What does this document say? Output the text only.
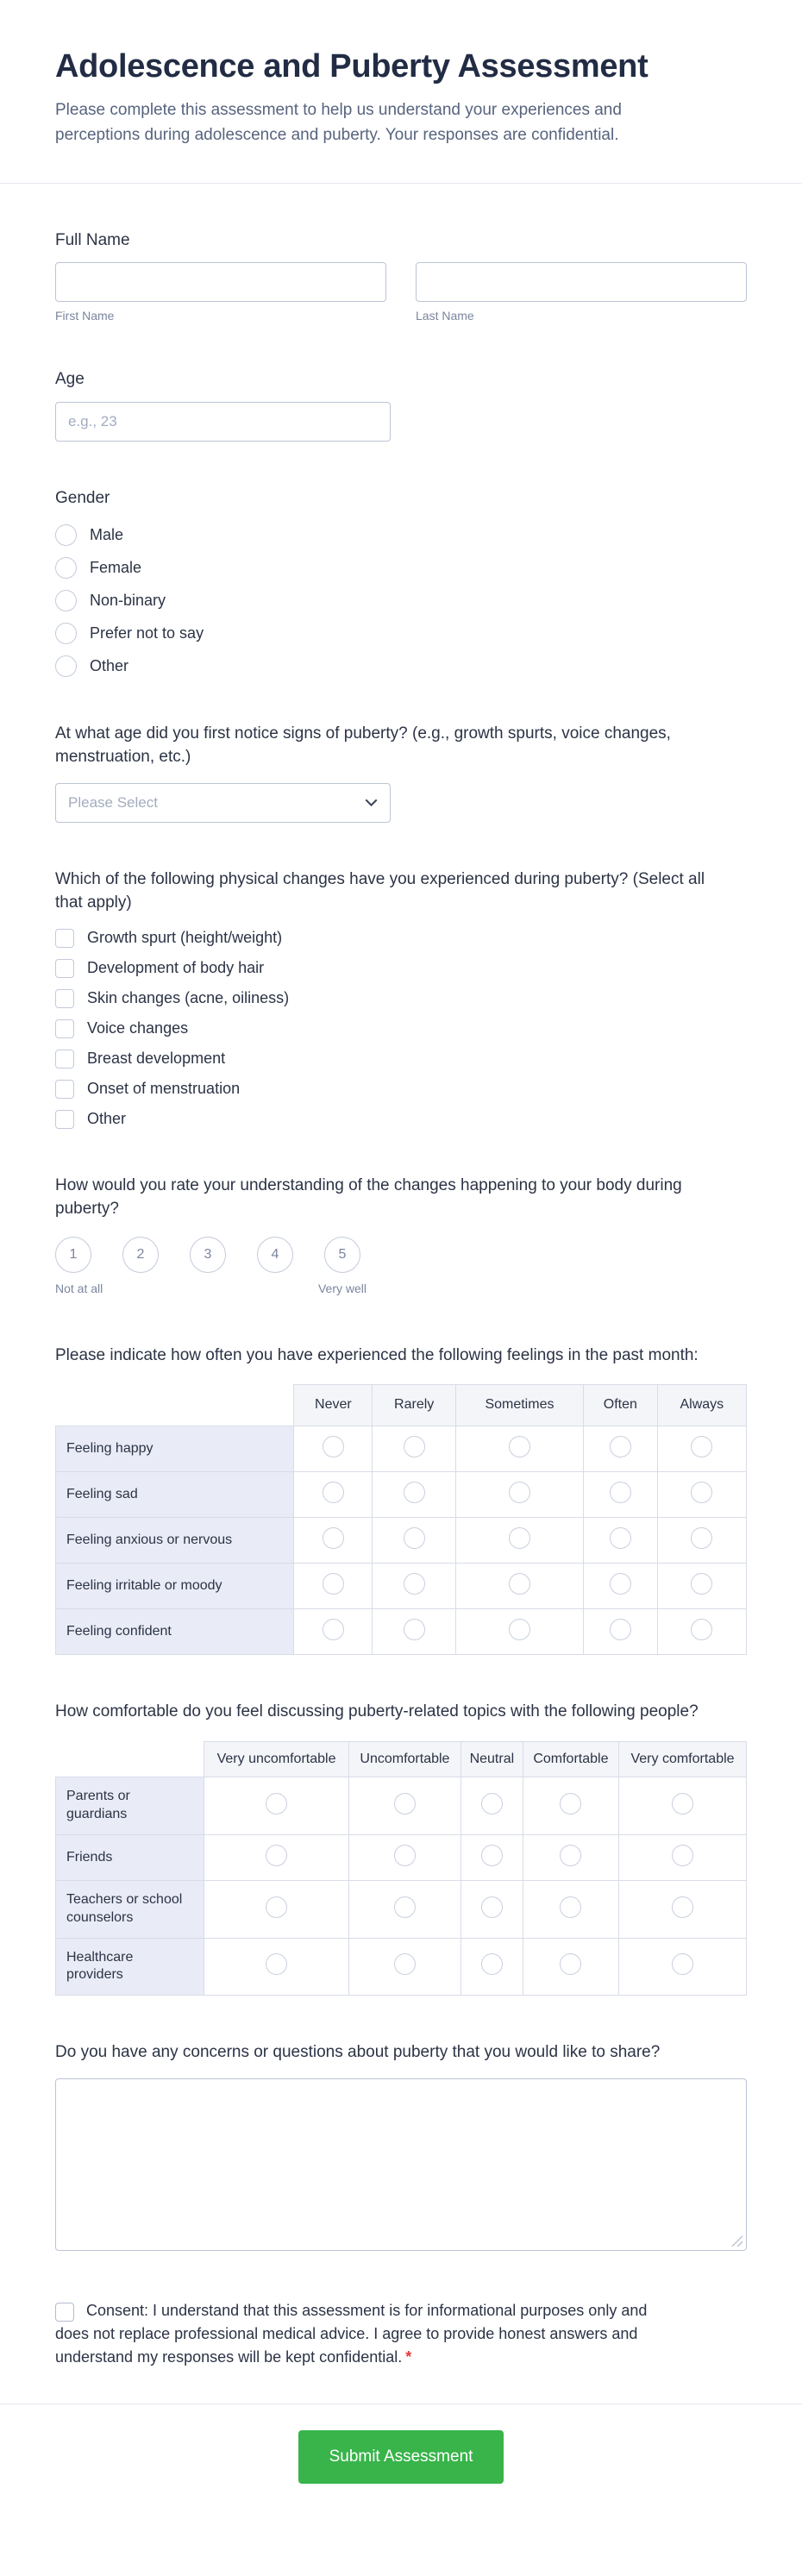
Adolescence and Puberty Assessment

Please complete this assessment to help us understand your experiences and perceptions during adolescence and puberty. Your responses are confidential.

Full Name
First Name	Last Name
Age
e.g., 23
Gender
Male
Female
Non-binary
Prefer not to say
Other
At what age did you first notice signs of puberty? (e.g., growth spurts, voice changes, menstruation, etc.)
Please Select
Which of the following physical changes have you experienced during puberty? (Select all that apply)
Growth spurt (height/weight)
Development of body hair
Skin changes (acne, oiliness)
Voice changes
Breast development
Onset of menstruation
Other
How would you rate your understanding of the changes happening to your body during puberty?
1	2	3	4	5
Not at all	Very well
Please indicate how often you have experienced the following feelings in the past month:
	Never	Rarely	Sometimes	Often	Always
Feeling happy					
Feeling sad					
Feeling anxious or nervous					
Feeling irritable or moody					
Feeling confident					
How comfortable do you feel discussing puberty-related topics with the following people?
	Very uncomfortable	Uncomfortable	Neutral	Comfortable	Very comfortable
Parents or guardians					
Friends					
Teachers or school counselors					
Healthcare providers					
Do you have any concerns or questions about puberty that you would like to share?
Consent: I understand that this assessment is for informational purposes only and does not replace professional medical advice. I agree to provide honest answers and understand my responses will be kept confidential. *
Submit Assessment
